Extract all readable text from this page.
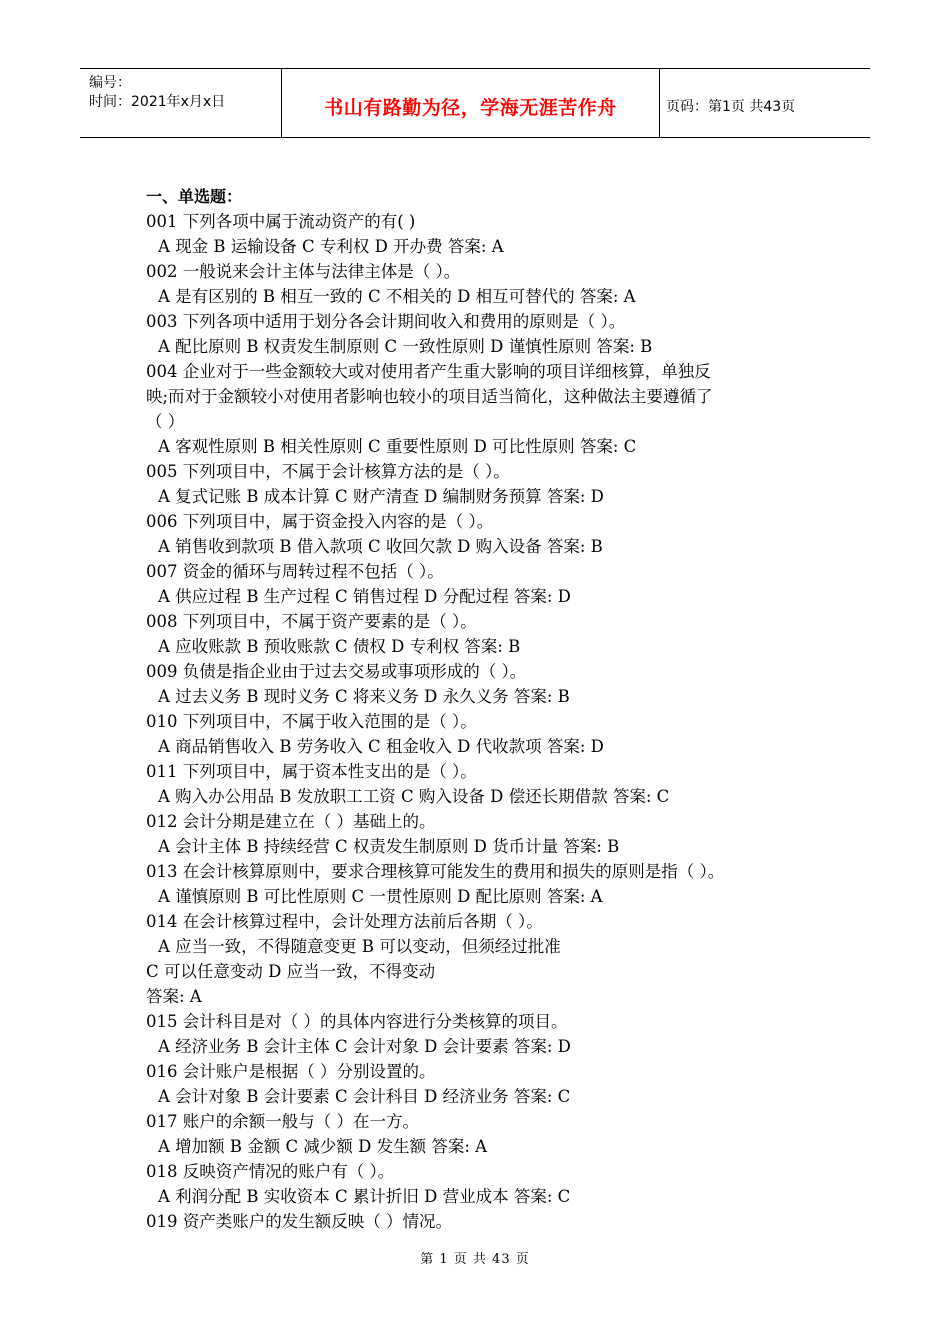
编号：
时间：2021年x月x日	书山有路勤为径，学海无涯苦作舟	页码：第1页 共43页
一、单选题：
001 下列各项中属于流动资产的有( )
A 现金 B 运输设备 C 专利权 D 开办费 答案: A
002 一般说来会计主体与法律主体是（ ）。
A 是有区别的 B 相互一致的 C 不相关的 D 相互可替代的 答案: A
003 下列各项中适用于划分各会计期间收入和费用的原则是（ ）。
A 配比原则 B 权责发生制原则 C 一致性原则 D 谨慎性原则 答案: B
004 企业对于一些金额较大或对使用者产生重大影响的项目详细核算，单独反
映;而对于金额较小对使用者影响也较小的项目适当简化，这种做法主要遵循了
（ ）
A 客观性原则 B 相关性原则 C 重要性原则 D 可比性原则 答案: C
005 下列项目中，不属于会计核算方法的是（ ）。
A 复式记账 B 成本计算 C 财产清查 D 编制财务预算 答案: D
006 下列项目中，属于资金投入内容的是（ ）。
A 销售收到款项 B 借入款项 C 收回欠款 D 购入设备 答案: B
007 资金的循环与周转过程不包括（ ）。
A 供应过程 B 生产过程 C 销售过程 D 分配过程 答案: D
008 下列项目中，不属于资产要素的是（ ）。
A 应收账款 B 预收账款 C 债权 D 专利权 答案: B
009 负债是指企业由于过去交易或事项形成的（ ）。
A 过去义务 B 现时义务 C 将来义务 D 永久义务 答案: B
010 下列项目中，不属于收入范围的是（ ）。
A 商品销售收入 B 劳务收入 C 租金收入 D 代收款项 答案: D
011 下列项目中，属于资本性支出的是（ ）。
A 购入办公用品 B 发放职工工资 C 购入设备 D 偿还长期借款 答案: C
012 会计分期是建立在（ ）基础上的。
A 会计主体 B 持续经营 C 权责发生制原则 D 货币计量 答案: B
013 在会计核算原则中，要求合理核算可能发生的费用和损失的原则是指（ ）。
A 谨慎原则 B 可比性原则 C 一贯性原则 D 配比原则 答案: A
014 在会计核算过程中，会计处理方法前后各期（ ）。
A 应当一致，不得随意变更 B 可以变动，但须经过批准
C 可以任意变动 D 应当一致，不得变动
答案: A
015 会计科目是对（ ）的具体内容进行分类核算的项目。
A 经济业务 B 会计主体 C 会计对象 D 会计要素 答案: D
016 会计账户是根据（ ）分别设置的。
A 会计对象 B 会计要素 C 会计科目 D 经济业务 答案: C
017 账户的余额一般与（ ）在一方。
A 增加额 B 金额 C 减少额 D 发生额 答案: A
018 反映资产情况的账户有（ ）。
A 利润分配 B 实收资本 C 累计折旧 D 营业成本 答案: C
019 资产类账户的发生额反映（ ）情况。
第 1 页 共 43 页
